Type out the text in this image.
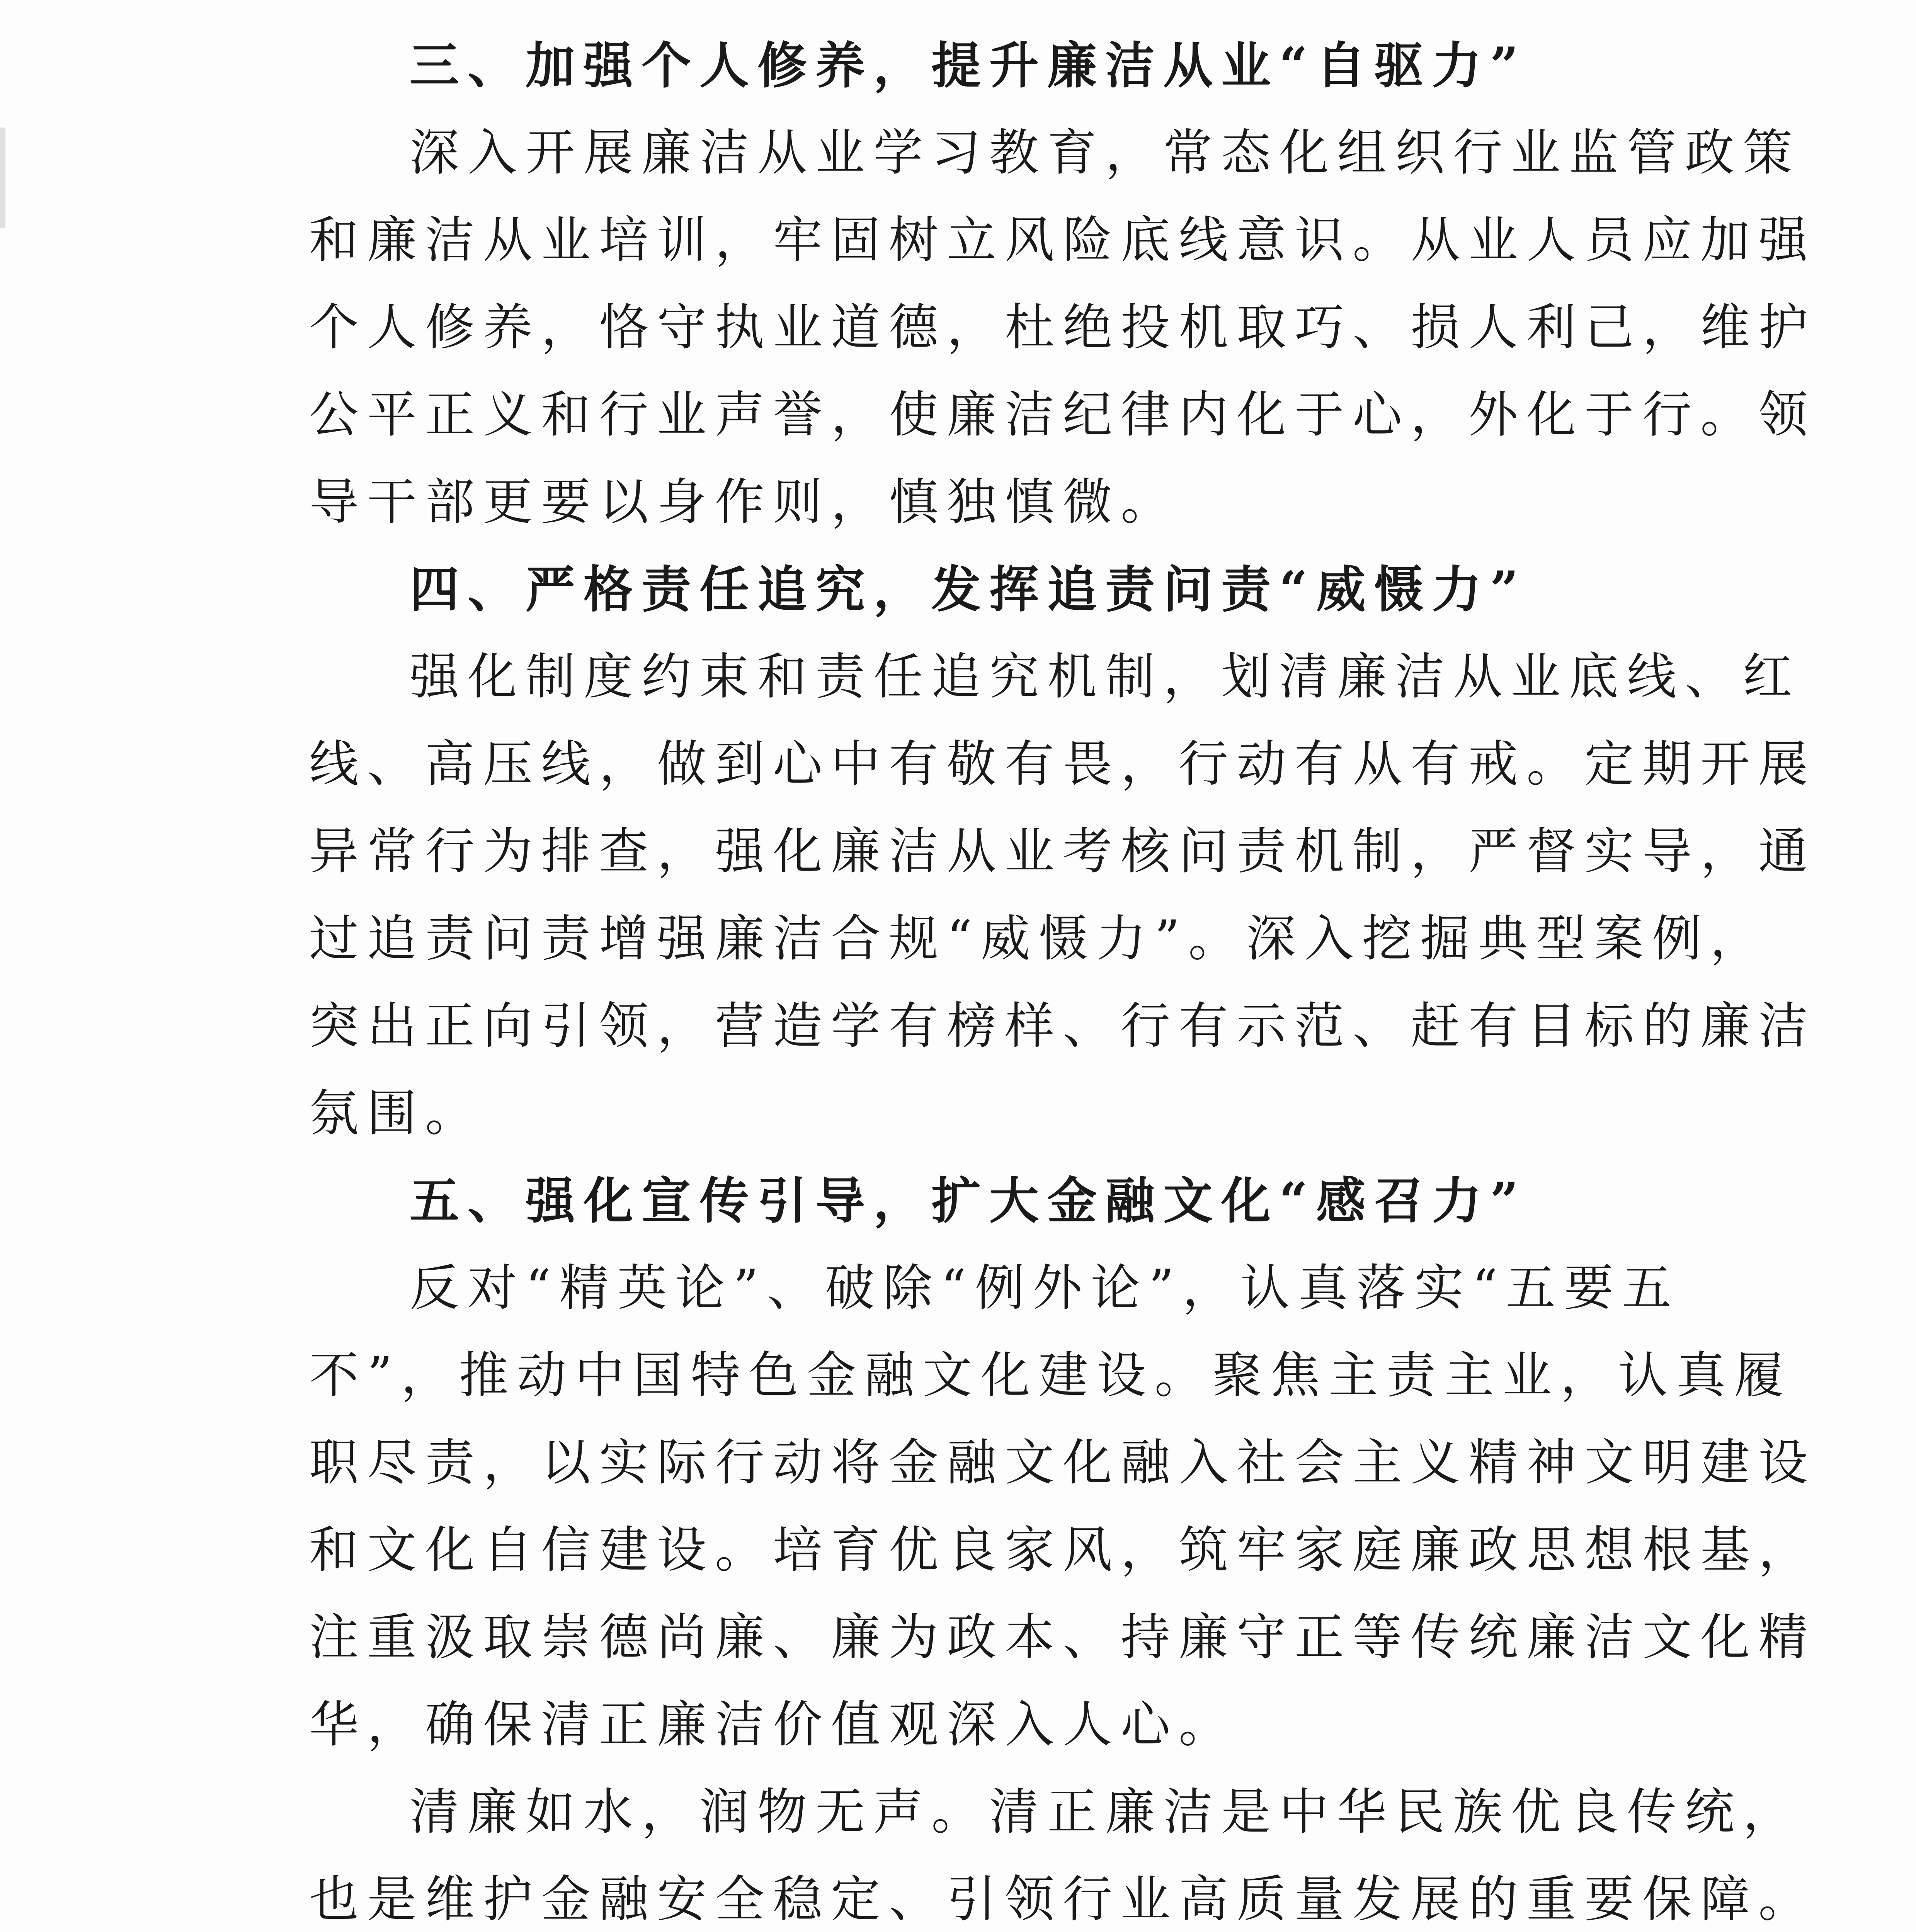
三、加强个人修养，提升廉洁从业“自驱力”
深入开展廉洁从业学习教育，常态化组织行业监管政策
和廉洁从业培训，牢固树立风险底线意识。从业人员应加强
个人修养，恪守执业道德，杜绝投机取巧、损人利己，维护
公平正义和行业声誉，使廉洁纪律内化于心，外化于行。领
导干部更要以身作则，慎独慎微。
四、严格责任追究，发挥追责问责“威慑力”
强化制度约束和责任追究机制，划清廉洁从业底线、红
线、高压线，做到心中有敬有畏，行动有从有戒。定期开展
异常行为排查，强化廉洁从业考核问责机制，严督实导，通
过追责问责增强廉洁合规“威慑力”。深入挖掘典型案例，
突出正向引领，营造学有榜样、行有示范、赶有目标的廉洁
氛围。
五、强化宣传引导，扩大金融文化“感召力”
反对“精英论”、破除“例外论”，认真落实“五要五
不”，推动中国特色金融文化建设。聚焦主责主业，认真履
职尽责，以实际行动将金融文化融入社会主义精神文明建设
和文化自信建设。培育优良家风，筑牢家庭廉政思想根基，
注重汲取崇德尚廉、廉为政本、持廉守正等传统廉洁文化精
华，确保清正廉洁价值观深入人心。
清廉如水，润物无声。清正廉洁是中华民族优良传统，
也是维护金融安全稳定、引领行业高质量发展的重要保障。
